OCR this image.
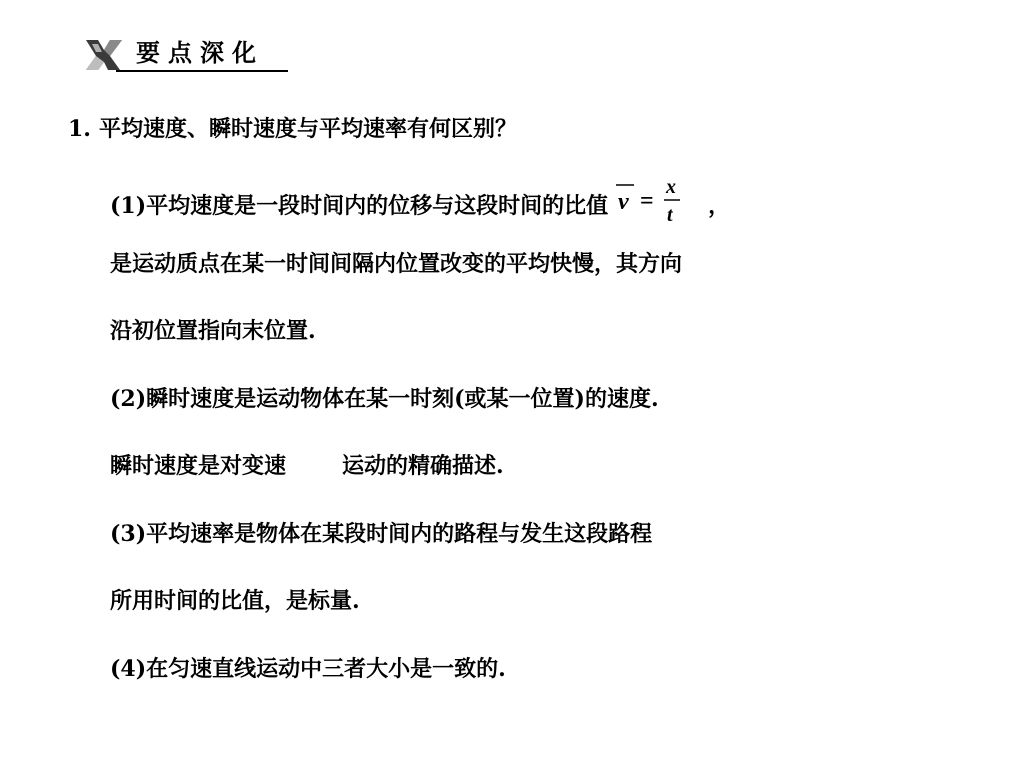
要点深化
1. 平均速度、瞬时速度与平均速率有何区别？
(1)平均速度是一段时间内的位移与这段时间的比值 v =
x
t ，
是运动质点在某一时间间隔内位置改变的平均快慢，其方向
沿初位置指向末位置.
(2)瞬时速度是运动物体在某一时刻(或某一位置)的速度.
瞬时速度是对变速	运动的精确描述.
(3)平均速率是物体在某段时间内的路程与发生这段路程
所用时间的比值，是标量.
(4)在匀速直线运动中三者大小是一致的.
